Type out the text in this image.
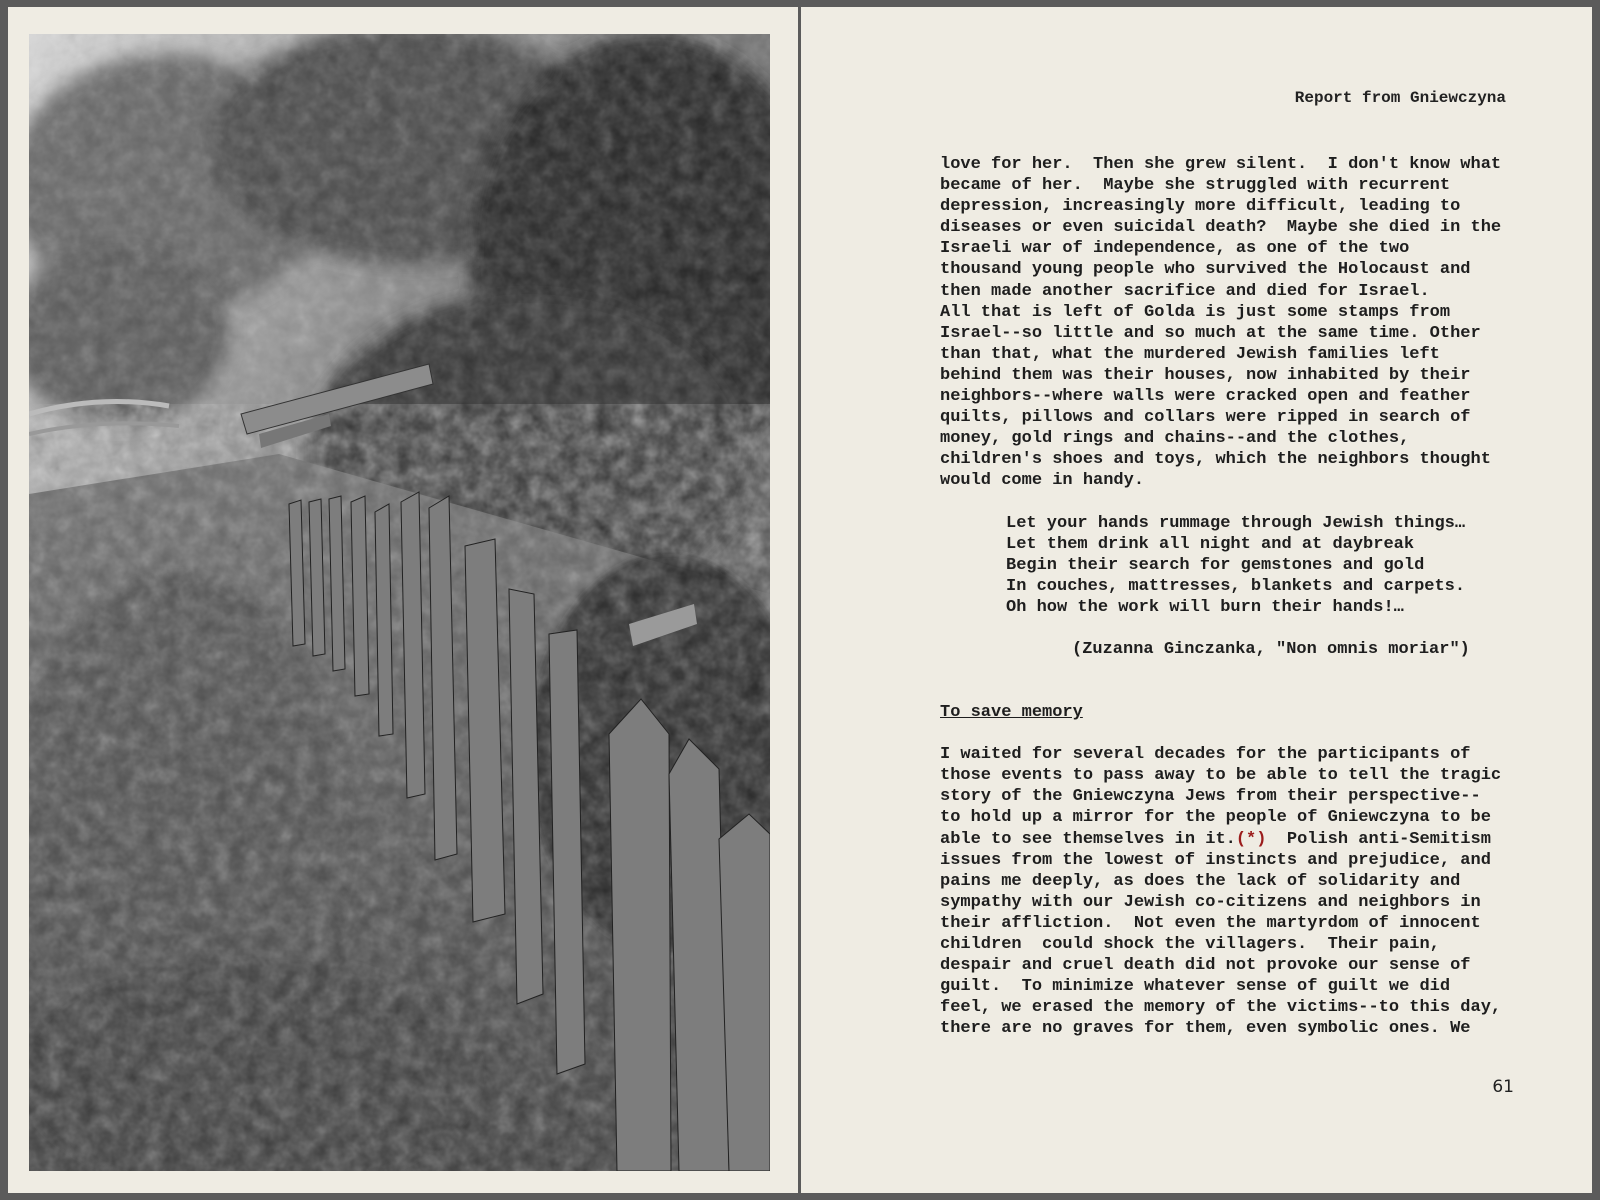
Report from Gniewczyna
love for her.  Then she grew silent.  I don't know what
became of her.  Maybe she struggled with recurrent
depression, increasingly more difficult, leading to
diseases or even suicidal death?  Maybe she died in the
Israeli war of independence, as one of the two
thousand young people who survived the Holocaust and
then made another sacrifice and died for Israel.
All that is left of Golda is just some stamps from
Israel--so little and so much at the same time. Other
than that, what the murdered Jewish families left
behind them was their houses, now inhabited by their
neighbors--where walls were cracked open and feather
quilts, pillows and collars were ripped in search of
money, gold rings and chains--and the clothes,
children's shoes and toys, which the neighbors thought
would come in handy.
Let your hands rummage through Jewish things…
Let them drink all night and at daybreak
Begin their search for gemstones and gold
In couches, mattresses, blankets and carpets.
Oh how the work will burn their hands!…
(Zuzanna Ginczanka, "Non omnis moriar")
To save memory
I waited for several decades for the participants of
those events to pass away to be able to tell the tragic
story of the Gniewczyna Jews from their perspective--
to hold up a mirror for the people of Gniewczyna to be
able to see themselves in it.(*)  Polish anti-Semitism
issues from the lowest of instincts and prejudice, and
pains me deeply, as does the lack of solidarity and
sympathy with our Jewish co-citizens and neighbors in
their affliction.  Not even the martyrdom of innocent
children  could shock the villagers.  Their pain,
despair and cruel death did not provoke our sense of
guilt.  To minimize whatever sense of guilt we did
feel, we erased the memory of the victims--to this day,
there are no graves for them, even symbolic ones. We
61
